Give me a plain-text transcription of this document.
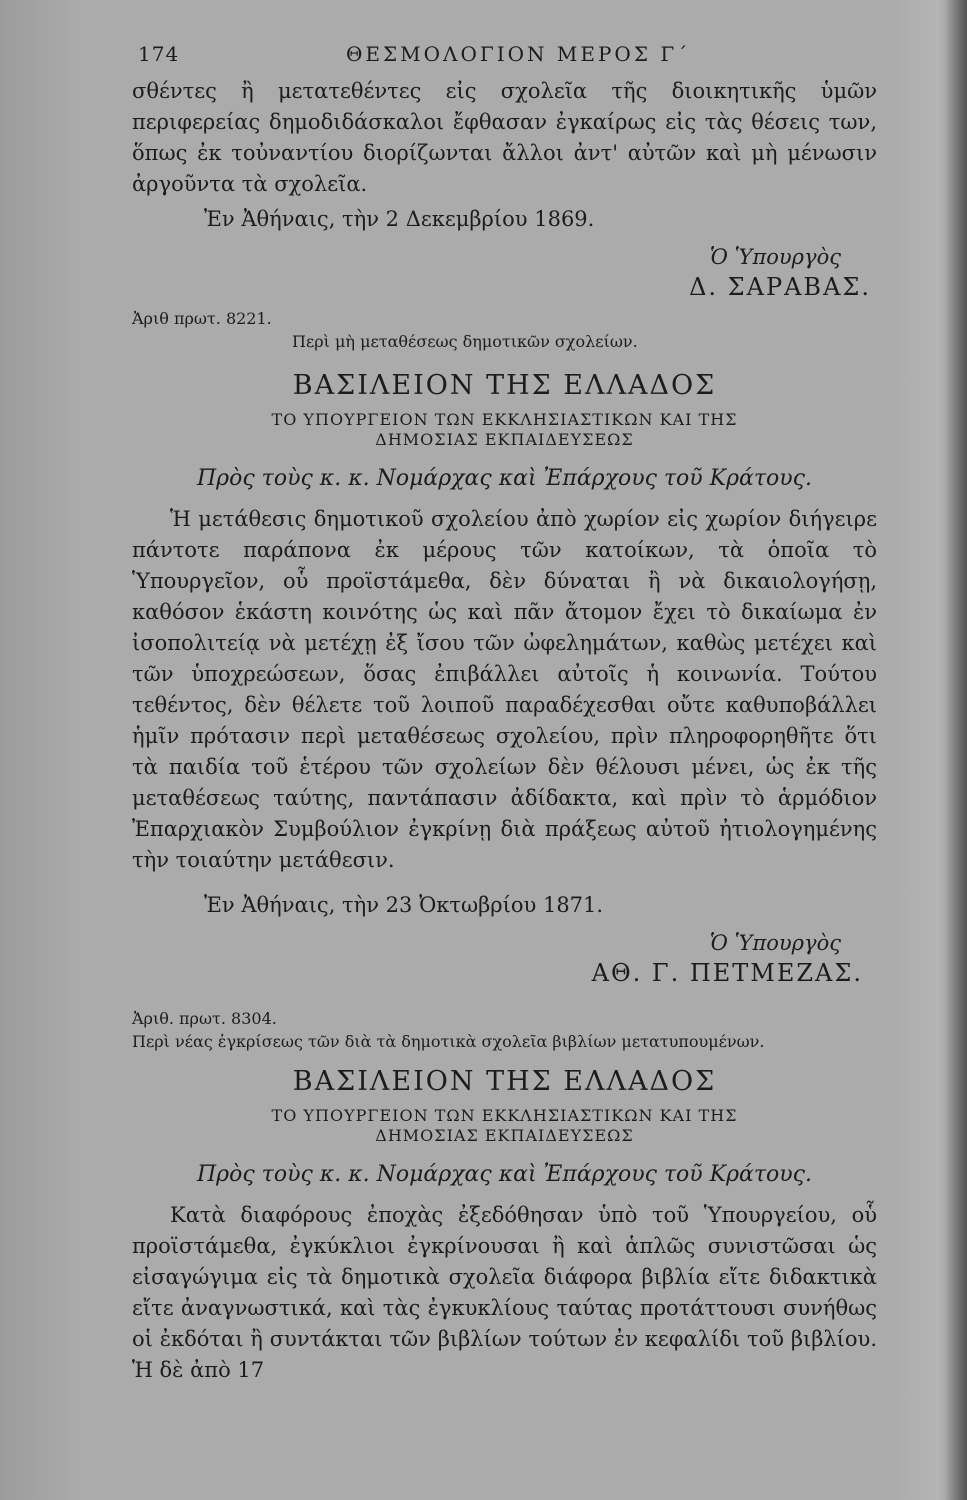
174	ΘΕΣΜΟΛΟΓΙΟΝ ΜΕΡΟΣ Γ΄

σθέντες ἢ μετατεθέντες εἰς σχολεῖα τῆς διοικητικῆς ὑμῶν περιφερείας δημοδιδάσκαλοι ἔφθασαν ἐγκαίρως εἰς τὰς θέσεις των, ὅπως ἐκ τοὐναντίου διορίζωνται ἄλλοι ἀντ' αὐτῶν καὶ μὴ μένωσιν ἀργοῦντα τὰ σχολεῖα.

Ἐν Ἀθήναις, τὴν 2 Δεκεμβρίου 1869.
Ὁ Ὑπουργὸς
Δ. ΣΑΡΑΒΑΣ.
Ἀριθ πρωτ. 8221.
Περὶ μὴ μεταθέσεως δημοτικῶν σχολείων.
ΒΑΣΙΛΕΙΟΝ ΤΗΣ ΕΛΛΑΔΟΣ
ΤΟ ΥΠΟΥΡΓΕΙΟΝ ΤΩΝ ΕΚΚΛΗΣΙΑΣΤΙΚΩΝ ΚΑΙ ΤΗΣ
ΔΗΜΟΣΙΑΣ ΕΚΠΑΙΔΕΥΣΕΩΣ
Πρὸς τοὺς κ. κ. Νομάρχας καὶ Ἐπάρχους τοῦ Κράτους.

Ἡ μετάθεσις δημοτικοῦ σχολείου ἀπὸ χωρίον εἰς χωρίον διήγειρε πάντοτε παράπονα ἐκ μέρους τῶν κατοίκων, τὰ ὁποῖα τὸ Ὑπουργεῖον, οὗ προϊστάμεθα, δὲν δύναται ἢ νὰ δικαιολογήσῃ, καθόσον ἑκάστη κοινότης ὡς καὶ πᾶν ἄτομον ἔχει τὸ δικαίωμα ἐν ἰσοπολιτείᾳ νὰ μετέχῃ ἐξ ἴσου τῶν ὠφελημάτων, καθὼς μετέχει καὶ τῶν ὑποχρεώσεων, ὅσας ἐπιβάλλει αὐτοῖς ἡ κοινωνία. Τούτου τεθέντος, δὲν θέλετε τοῦ λοιποῦ παραδέχεσθαι οὔτε καθυποβάλλει ἡμῖν πρότασιν περὶ μεταθέσεως σχολείου, πρὶν πληροφορηθῆτε ὅτι τὰ παιδία τοῦ ἑτέρου τῶν σχολείων δὲν θέλουσι μένει, ὡς ἐκ τῆς μεταθέσεως ταύτης, παντάπασιν ἀδίδακτα, καὶ πρὶν τὸ ἁρμόδιον Ἐπαρχιακὸν Συμβούλιον ἐγκρίνῃ διὰ πράξεως αὐτοῦ ἠτιολογημένης τὴν τοιαύτην μετάθεσιν.

Ἐν Ἀθήναις, τὴν 23 Ὀκτωβρίου 1871.
Ὁ Ὑπουργὸς
ΑΘ. Γ. ΠΕΤΜΕΖΑΣ.
Ἀριθ. πρωτ. 8304.
Περὶ νέας ἐγκρίσεως τῶν διὰ τὰ δημοτικὰ σχολεῖα βιβλίων μετατυπουμένων.
ΒΑΣΙΛΕΙΟΝ ΤΗΣ ΕΛΛΑΔΟΣ
ΤΟ ΥΠΟΥΡΓΕΙΟΝ ΤΩΝ ΕΚΚΛΗΣΙΑΣΤΙΚΩΝ ΚΑΙ ΤΗΣ
ΔΗΜΟΣΙΑΣ ΕΚΠΑΙΔΕΥΣΕΩΣ
Πρὸς τοὺς κ. κ. Νομάρχας καὶ Ἐπάρχους τοῦ Κράτους.

Κατὰ διαφόρους ἐποχὰς ἐξεδόθησαν ὑπὸ τοῦ Ὑπουργείου, οὗ προϊστάμεθα, ἐγκύκλιοι ἐγκρίνουσαι ἢ καὶ ἁπλῶς συνιστῶσαι ὡς εἰσαγώγιμα εἰς τὰ δημοτικὰ σχολεῖα διάφορα βιβλία εἴτε διδακτικὰ εἴτε ἀναγνωστικά, καὶ τὰς ἐγκυκλίους ταύτας προτάττουσι συνήθως οἱ ἐκδόται ἢ συντάκται τῶν βιβλίων τούτων ἐν κεφαλίδι τοῦ βιβλίου. Ἡ δὲ ἀπὸ 17
